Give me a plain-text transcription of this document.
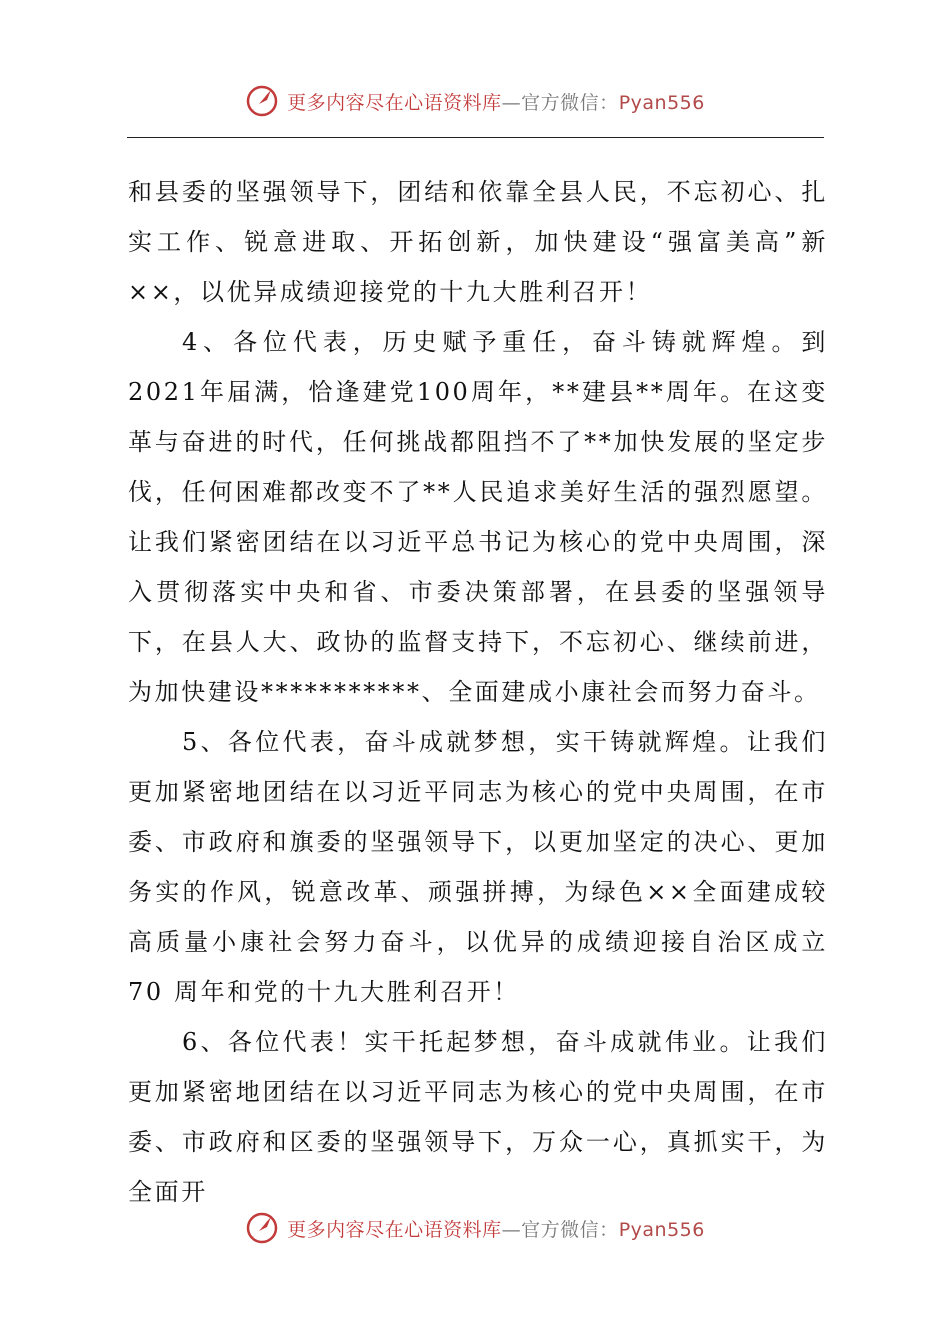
更多内容尽在心语资料库—官方微信：Pyan556

和县委的坚强领导下，团结和依靠全县人民，不忘初心、扎实工作、锐意进取、开拓创新，加快建设“强富美高”新××，以优异成绩迎接党的十九大胜利召开！

4、各位代表，历史赋予重任，奋斗铸就辉煌。到2021年届满，恰逢建党100周年，**建县**周年。在这变革与奋进的时代，任何挑战都阻挡不了**加快发展的坚定步伐，任何困难都改变不了**人民追求美好生活的强烈愿望。让我们紧密团结在以习近平总书记为核心的党中央周围，深入贯彻落实中央和省、市委决策部署，在县委的坚强领导下，在县人大、政协的监督支持下，不忘初心、继续前进，为加快建设***********、全面建成小康社会而努力奋斗。

5、各位代表，奋斗成就梦想，实干铸就辉煌。让我们更加紧密地团结在以习近平同志为核心的党中央周围，在市委、市政府和旗委的坚强领导下，以更加坚定的决心、更加务实的作风，锐意改革、顽强拼搏，为绿色××全面建成较高质量小康社会努力奋斗，以优异的成绩迎接自治区成立 70 周年和党的十九大胜利召开！

6、各位代表！实干托起梦想，奋斗成就伟业。让我们更加紧密地团结在以习近平同志为核心的党中央周围，在市委、市政府和区委的坚强领导下，万众一心，真抓实干，为全面开

更多内容尽在心语资料库—官方微信：Pyan556
